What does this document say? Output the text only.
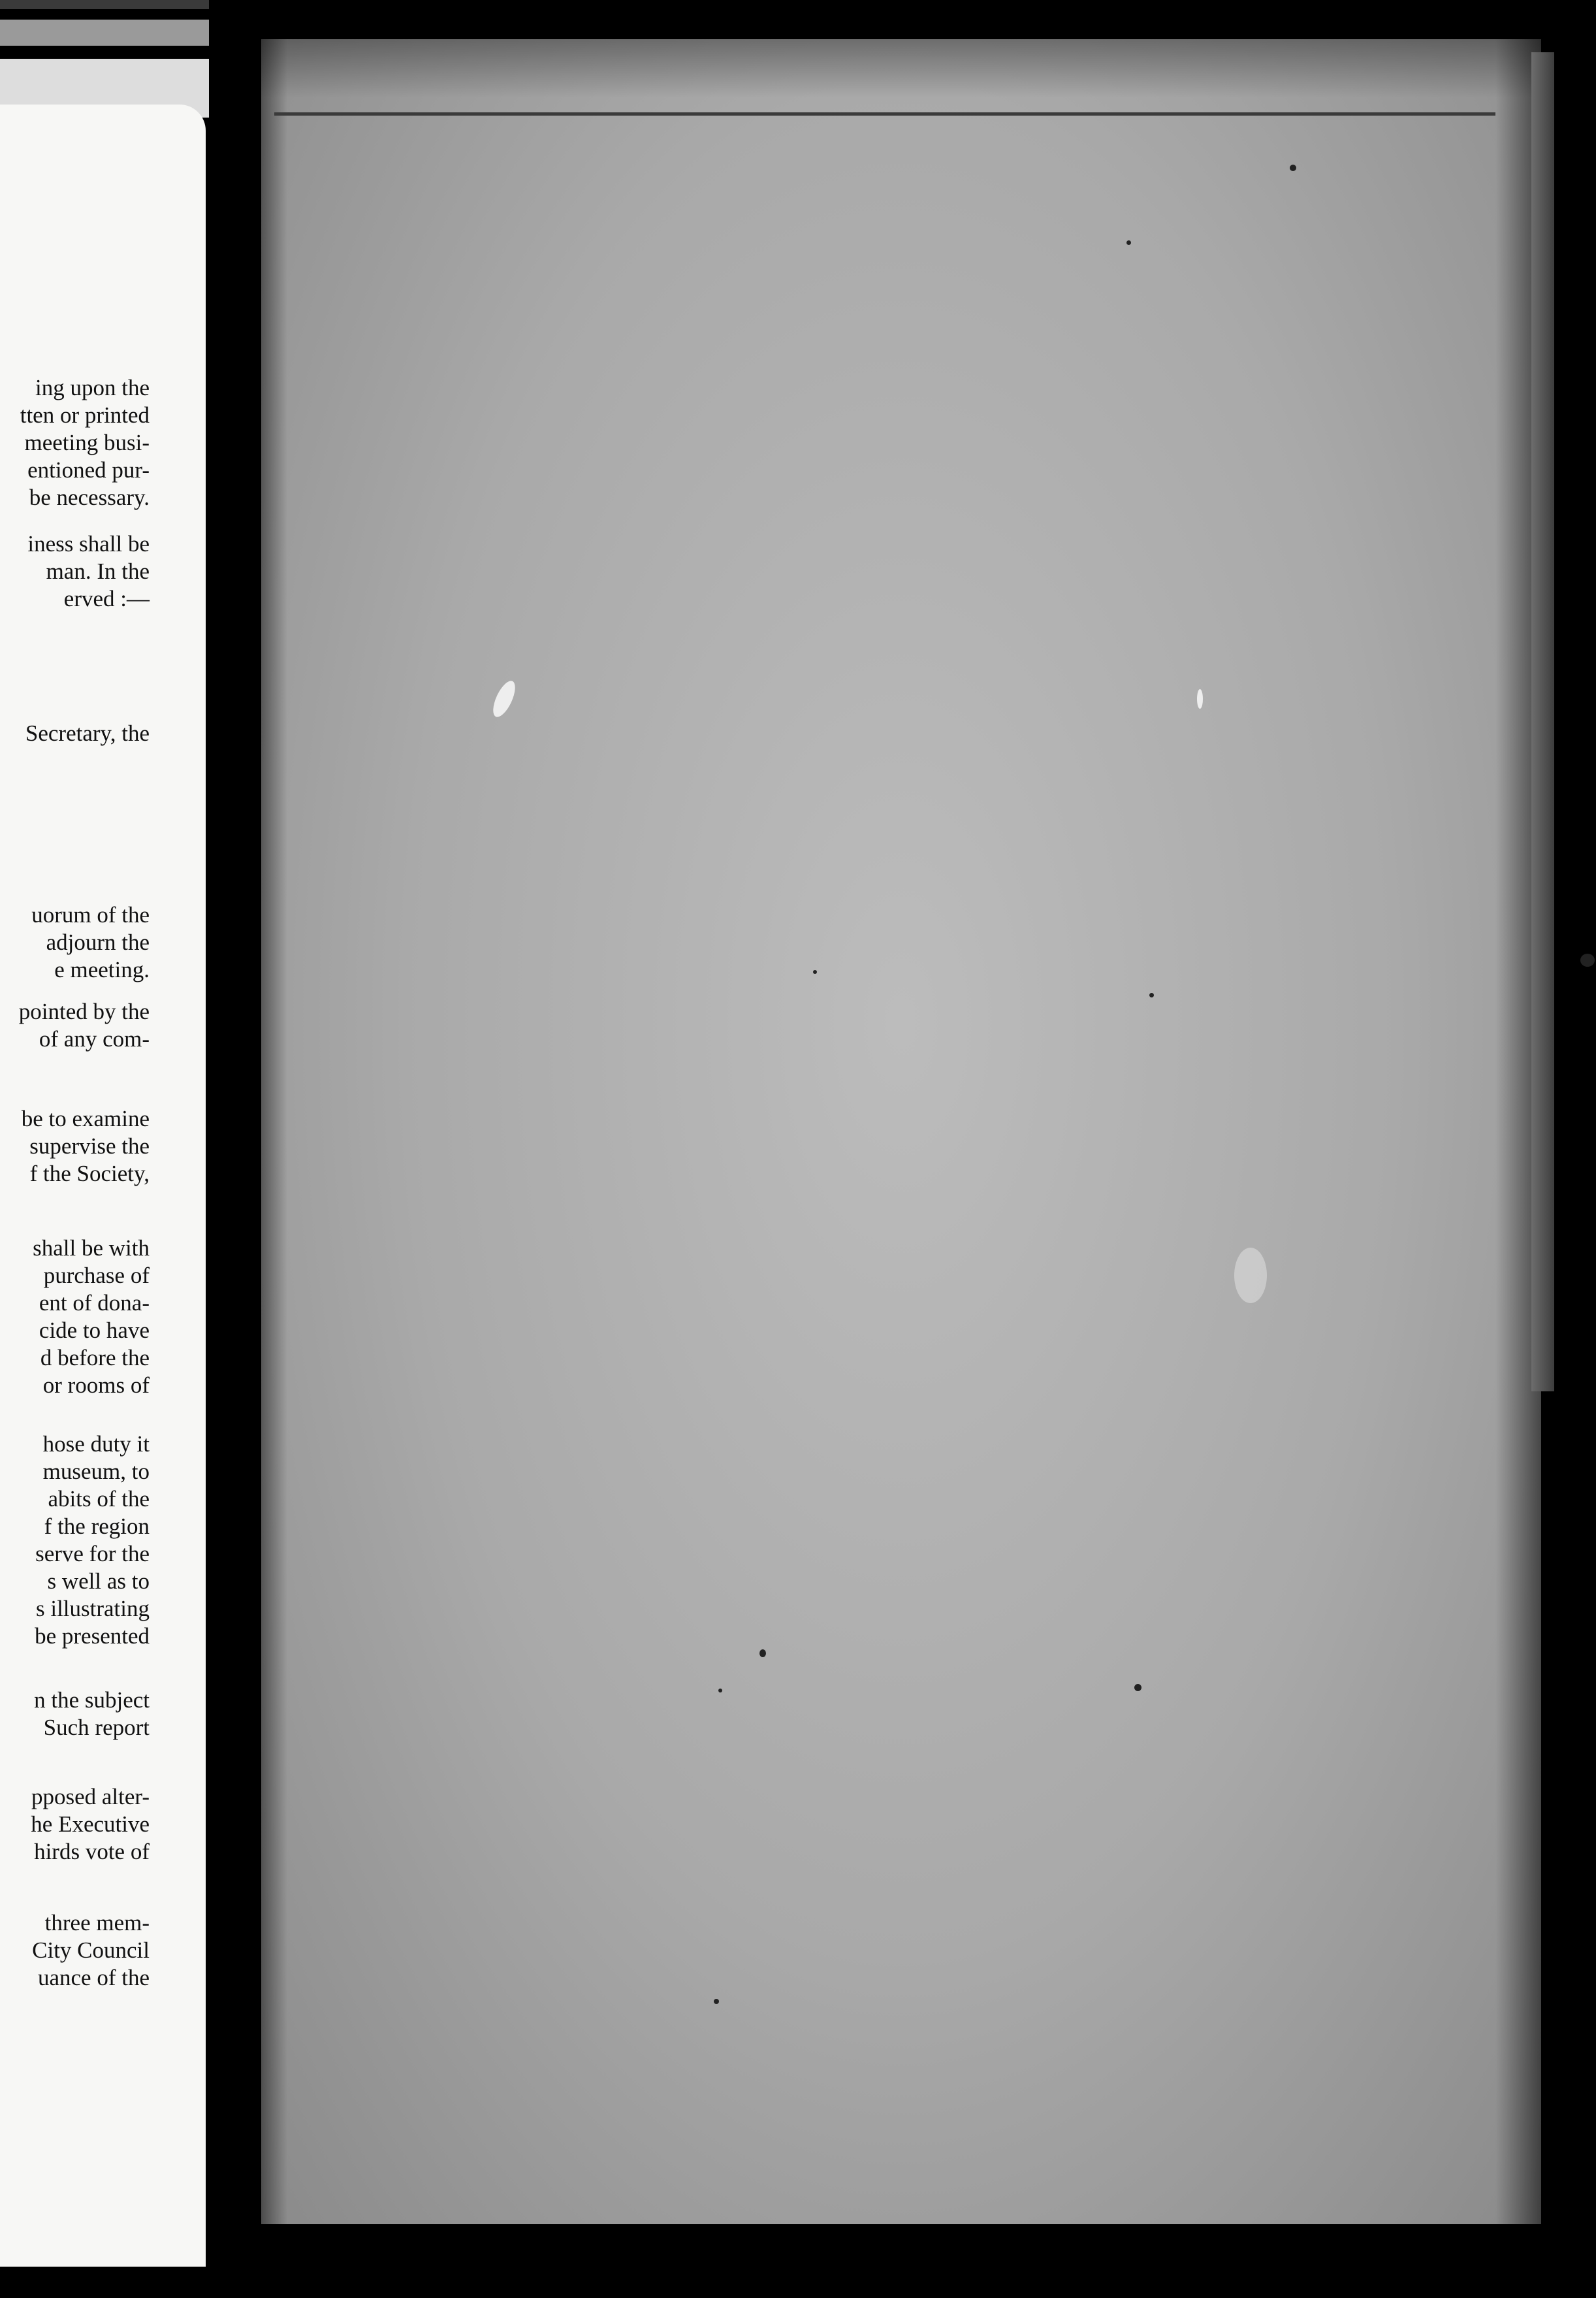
ing upon the
tten or printed
meeting busi-
entioned pur-
be necessary.
iness shall be
man. In the
erved :—
Secretary, the
uorum of the
adjourn the
e meeting.
pointed by the
of any com-
be to examine
supervise the
f the Society,
shall be with
purchase of
ent of dona-
cide to have
d before the
or rooms of
hose duty it
museum, to
abits of the
f the region
serve for the
s well as to
s illustrating
be presented
n the subject
Such report
pposed alter-
he Executive
hirds vote of
three mem-
City Council
uance of the
